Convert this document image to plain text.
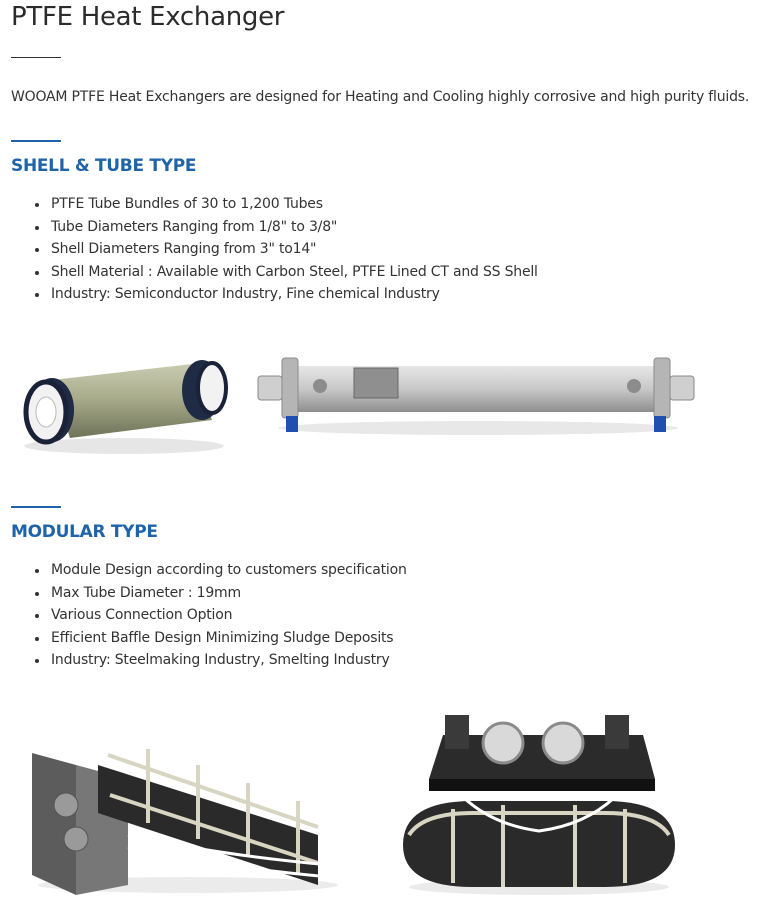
PTFE Heat Exchanger

WOOAM PTFE Heat Exchangers are designed for Heating and Cooling highly corrosive and high purity fluids.

SHELL & TUBE TYPE
PTFE Tube Bundles of 30 to 1,200 Tubes
Tube Diameters Ranging from 1/8" to 3/8"
Shell Diameters Ranging from 3" to14"
Shell Material : Available with Carbon Steel, PTFE Lined CT and SS Shell
Industry: Semiconductor Industry, Fine chemical Industry
MODULAR TYPE
Module Design according to customers specification
Max Tube Diameter : 19mm
Various Connection Option
Efficient Baffle Design Minimizing Sludge Deposits
Industry: Steelmaking Industry, Smelting Industry
